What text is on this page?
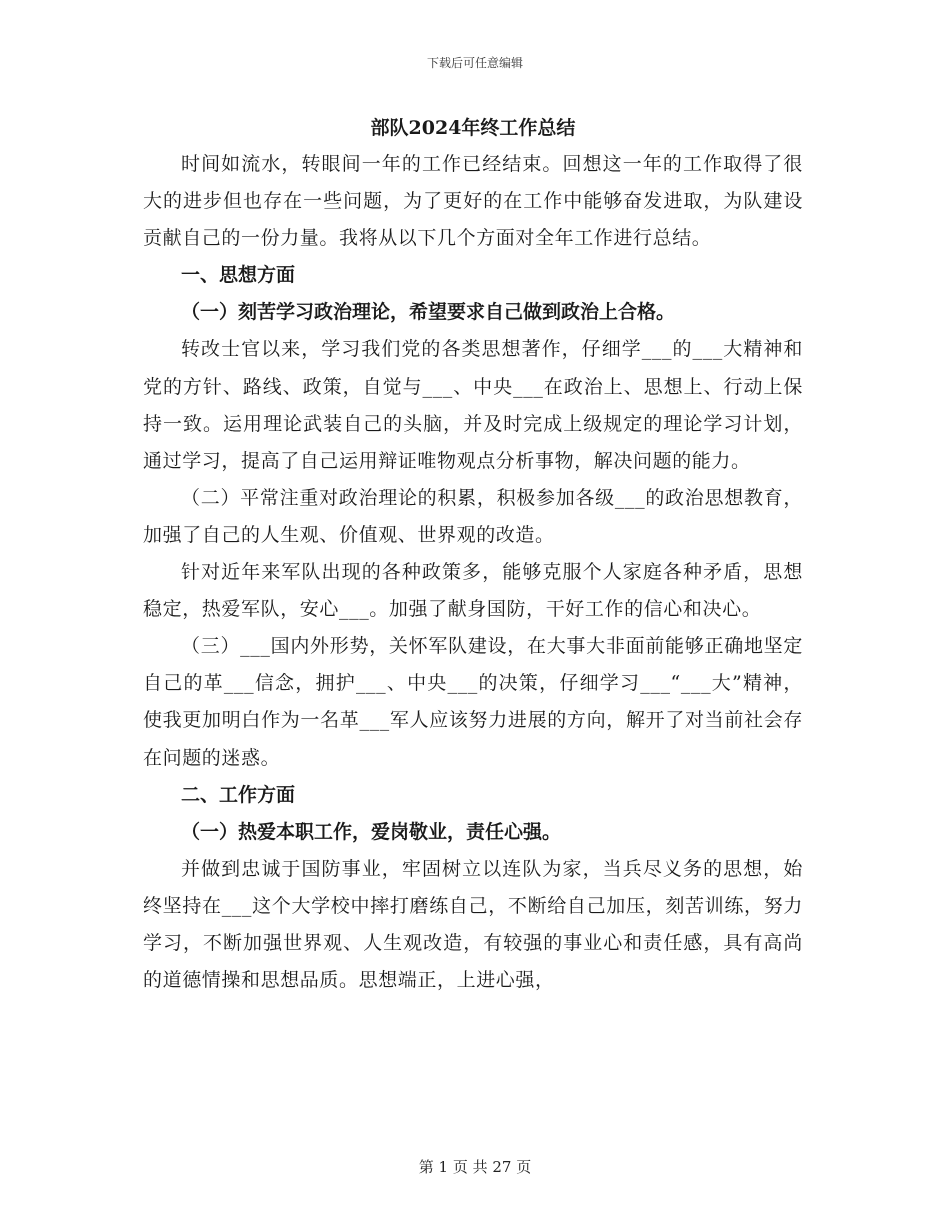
下载后可任意编辑
部队2024年终工作总结

时间如流水，转眼间一年的工作已经结束。回想这一年的工作取得了很大的进步但也存在一些问题，为了更好的在工作中能够奋发进取，为队建设贡献自己的一份力量。我将从以下几个方面对全年工作进行总结。

一、思想方面

（一）刻苦学习政治理论，希望要求自己做到政治上合格。

转改士官以来，学习我们党的各类思想著作，仔细学___的___大精神和党的方针、路线、政策，自觉与___、中央___在政治上、思想上、行动上保持一致。运用理论武装自己的头脑，并及时完成上级规定的理论学习计划，通过学习，提高了自己运用辩证唯物观点分析事物，解决问题的能力。

（二）平常注重对政治理论的积累，积极参加各级___的政治思想教育，加强了自己的人生观、价值观、世界观的改造。

针对近年来军队出现的各种政策多，能够克服个人家庭各种矛盾，思想稳定，热爱军队，安心___。加强了献身国防，干好工作的信心和决心。

（三）___国内外形势，关怀军队建设，在大事大非面前能够正确地坚定自己的革___信念，拥护___、中央___的决策，仔细学习___“___大”精神，使我更加明白作为一名革___军人应该努力进展的方向，解开了对当前社会存在问题的迷惑。

二、工作方面

（一）热爱本职工作，爱岗敬业，责任心强。

并做到忠诚于国防事业，牢固树立以连队为家，当兵尽义务的思想，始终坚持在___这个大学校中摔打磨练自己，不断给自己加压，刻苦训练，努力学习，不断加强世界观、人生观改造，有较强的事业心和责任感，具有高尚的道德情操和思想品质。思想端正，上进心强，

第 1 页 共 27 页
